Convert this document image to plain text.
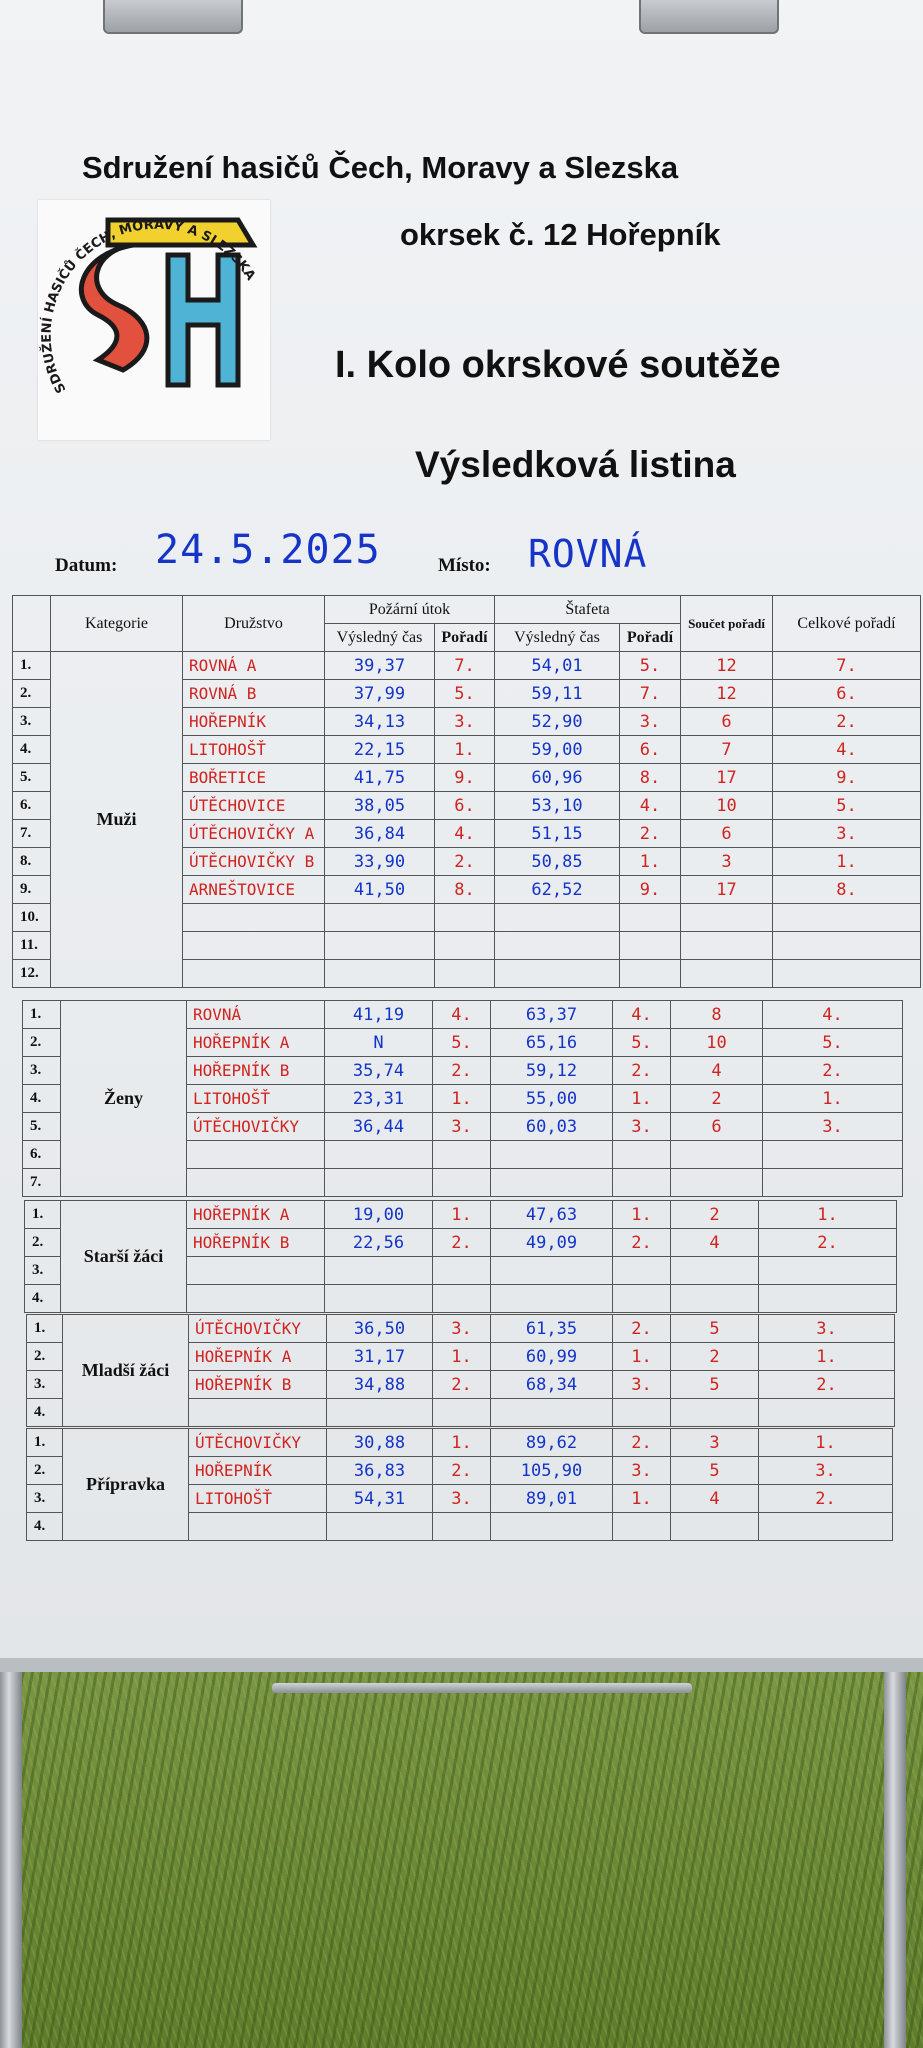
Sdružení hasičů Čech, Moravy a Slezska
okrsek č. 12 Hořepník
I. Kolo okrskové soutěže
Výsledková listina
SDRUŽENÍ HASIČŮ ČECH, MORAVY A SLEZSKA
Datum: 24.5.2025	Místo: ROVNÁ
	Kategorie	Družstvo	Požární útok		Štafeta		Součet pořadí	Celkové pořadí
			Výsledný čas	Pořadí	Výsledný čas	Pořadí		
1.	Muži	ROVNÁ A	39,37	7.	54,01	5.	12	7.
2.		ROVNÁ B	37,99	5.	59,11	7.	12	6.
3.		HOŘEPNÍK	34,13	3.	52,90	3.	6	2.
4.		LITOHOŠŤ	22,15	1.	59,00	6.	7	4.
5.		BOŘETICE	41,75	9.	60,96	8.	17	9.
6.		ÚTĚCHOVICE	38,05	6.	53,10	4.	10	5.
7.		ÚTĚCHOVIČKY A	36,84	4.	51,15	2.	6	3.
8.		ÚTĚCHOVIČKY B	33,90	2.	50,85	1.	3	1.
9.		ARNEŠTOVICE	41,50	8.	62,52	9.	17	8.
10.								
11.								
12.								
1.	Ženy	ROVNÁ	41,19	4.	63,37	4.	8	4.
2.		HOŘEPNÍK A	N	5.	65,16	5.	10	5.
3.		HOŘEPNÍK B	35,74	2.	59,12	2.	4	2.
4.		LITOHOŠŤ	23,31	1.	55,00	1.	2	1.
5.		ÚTĚCHOVIČKY	36,44	3.	60,03	3.	6	3.
6.								
7.								
1.	Starší žáci	HOŘEPNÍK A	19,00	1.	47,63	1.	2	1.
2.		HOŘEPNÍK B	22,56	2.	49,09	2.	4	2.
3.								
4.								
1.	Mladší žáci	ÚTĚCHOVIČKY	36,50	3.	61,35	2.	5	3.
2.		HOŘEPNÍK A	31,17	1.	60,99	1.	2	1.
3.		HOŘEPNÍK B	34,88	2.	68,34	3.	5	2.
4.								
1.	Přípravka	ÚTĚCHOVIČKY	30,88	1.	89,62	2.	3	1.
2.		HOŘEPNÍK	36,83	2.	105,90	3.	5	3.
3.		LITOHOŠŤ	54,31	3.	89,01	1.	4	2.
4.								
